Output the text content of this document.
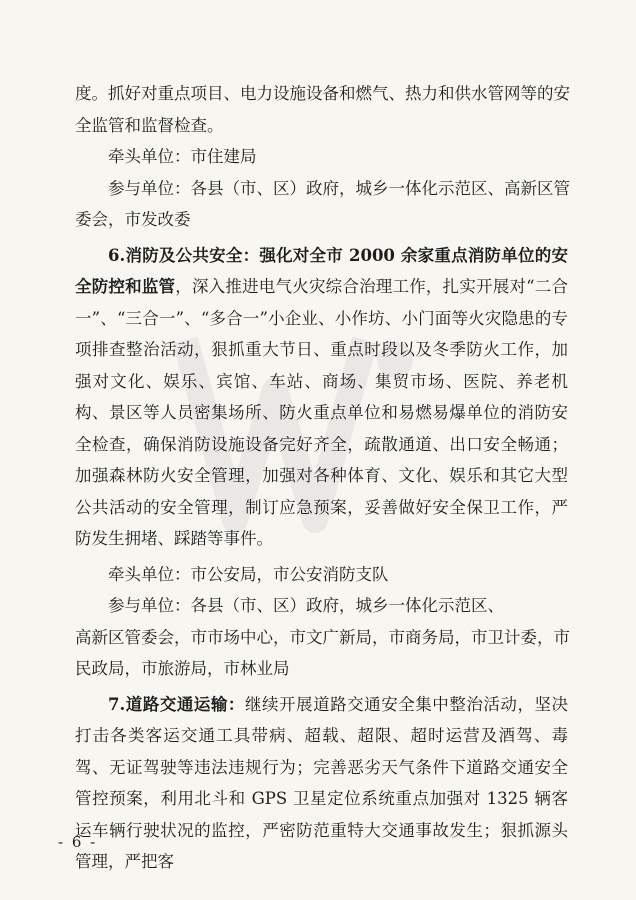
度。抓好对重点项目、电力设施设备和燃气、热力和供水管网等的安
全监管和监督检查。

牵头单位：市住建局

参与单位：各县（市、区）政府，城乡一体化示范区、高新区管
委会，市发改委

6.消防及公共安全：强化对全市 2000 余家重点消防单位的安全防控和监管，深入推进电气火灾综合治理工作，扎实开展对“二合一”、“三合一”、“多合一”小企业、小作坊、小门面等火灾隐患的专项排查整治活动，狠抓重大节日、重点时段以及冬季防火工作，加强对文化、娱乐、宾馆、车站、商场、集贸市场、医院、养老机构、景区等人员密集场所、防火重点单位和易燃易爆单位的消防安全检查，确保消防设施设备完好齐全，疏散通道、出口安全畅通；加强森林防火安全管理，加强对各种体育、文化、娱乐和其它大型公共活动的安全管理，制订应急预案，妥善做好安全保卫工作，严防发生拥堵、踩踏等事件。

牵头单位：市公安局，市公安消防支队

参与单位：各县（市、区）政府，城乡一体化示范区、
高新区管委会，市市场中心，市文广新局，市商务局，市卫计委，市
民政局，市旅游局，市林业局

7.道路交通运输：继续开展道路交通安全集中整治活动，坚决打击各类客运交通工具带病、超载、超限、超时运营及酒驾、毒驾、无证驾驶等违法违规行为；完善恶劣天气条件下道路交通安全管控预案，利用北斗和 GPS 卫星定位系统重点加强对 1325 辆客运车辆行驶状况的监控，严密防范重特大交通事故发生；狠抓源头管理，严把客

- 6 -
